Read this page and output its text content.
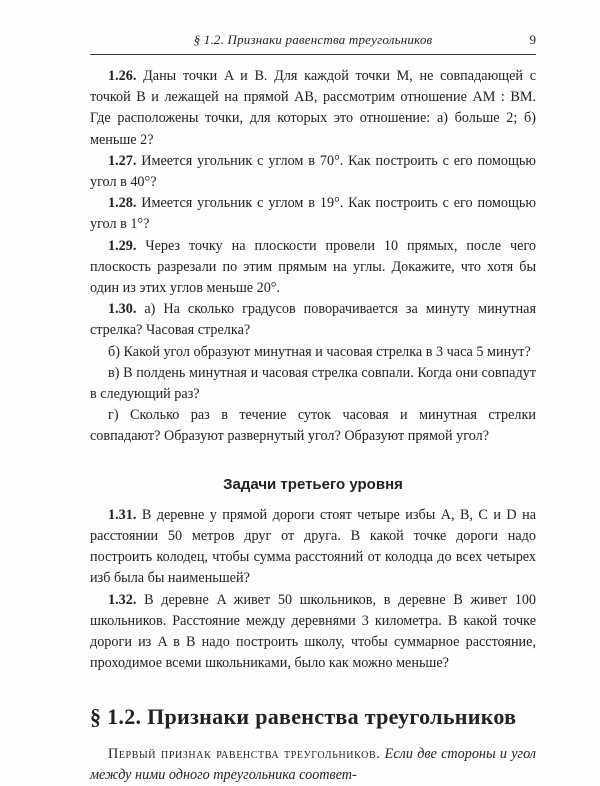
§ 1.2. Признаки равенства треугольников	9

1.26. Даны точки A и B. Для каждой точки M, не совпадающей с точкой B и лежащей на прямой AB, рассмотрим отношение AM : BM. Где расположены точки, для которых это отношение: а) больше 2; б) меньше 2?

1.27. Имеется угольник с углом в 70°. Как построить с его помощью угол в 40°?

1.28. Имеется угольник с углом в 19°. Как построить с его помощью угол в 1°?

1.29. Через точку на плоскости провели 10 прямых, после чего плоскость разрезали по этим прямым на углы. Докажите, что хотя бы один из этих углов меньше 20°.

1.30. а) На сколько градусов поворачивается за минуту минутная стрелка? Часовая стрелка?

б) Какой угол образуют минутная и часовая стрелка в 3 часа 5 минут?

в) В полдень минутная и часовая стрелка совпали. Когда они совпадут в следующий раз?

г) Сколько раз в течение суток часовая и минутная стрелки совпадают? Образуют развернутый угол? Образуют прямой угол?

Задачи третьего уровня

1.31. В деревне у прямой дороги стоят четыре избы A, B, C и D на расстоянии 50 метров друг от друга. В какой точке дороги надо построить колодец, чтобы сумма расстояний от колодца до всех четырех изб была бы наименьшей?

1.32. В деревне A живет 50 школьников, в деревне B живет 100 школьников. Расстояние между деревнями 3 километра. В какой точке дороги из A в B надо построить школу, чтобы суммарное расстояние, проходимое всеми школьниками, было как можно меньше?

§ 1.2. Признаки равенства треугольников

Первый признак равенства треугольников. Если две стороны и угол между ними одного треугольника соответ-
